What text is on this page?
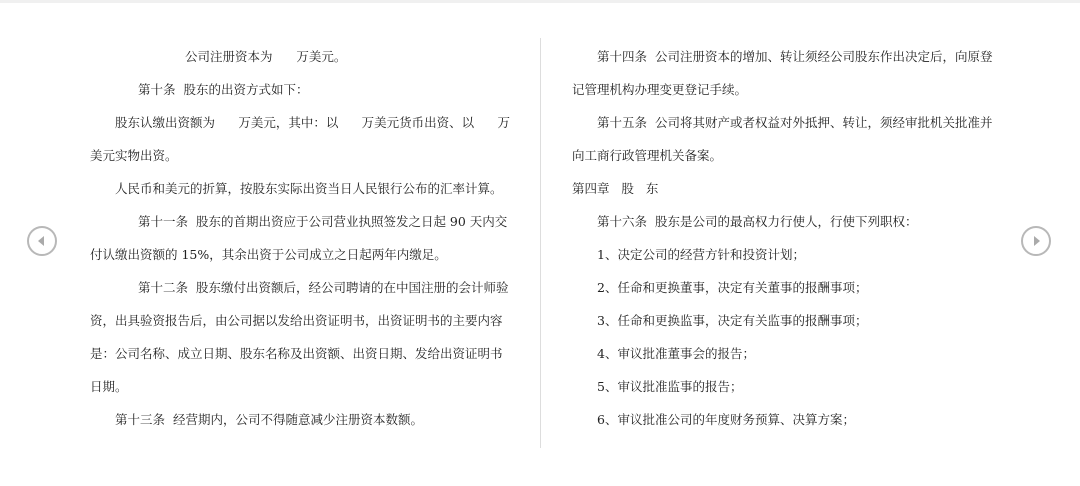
公司注册资本为      万美元。
第十条  股东的出资方式如下：
股东认缴出资额为 万美元，其中：以 万美元货币出资、以 万
美元实物出资。
人民币和美元的折算，按股东实际出资当日人民银行公布的汇率计算。
第十一条  股东的首期出资应于公司营业执照签发之日起 90 天内交
付认缴出资额的 15%，其余出资于公司成立之日起两年内缴足。
第十二条  股东缴付出资额后，经公司聘请的在中国注册的会计师验
资，出具验资报告后，由公司据以发给出资证明书，出资证明书的主要内容
是：公司名称、成立日期、股东名称及出资额、出资日期、发给出资证明书
日期。
第十三条  经营期内，公司不得随意减少注册资本数额。
第十四条  公司注册资本的增加、转让须经公司股东作出决定后，向原登
记管理机构办理变更登记手续。
第十五条  公司将其财产或者权益对外抵押、转让，须经审批机关批准并
向工商行政管理机关备案。
第四章   股   东
第十六条  股东是公司的最高权力行使人，行使下列职权：
1、决定公司的经营方针和投资计划；
2、任命和更换董事，决定有关董事的报酬事项；
3、任命和更换监事，决定有关监事的报酬事项；
4、审议批准董事会的报告；
5、审议批准监事的报告；
6、审议批准公司的年度财务预算、决算方案；
